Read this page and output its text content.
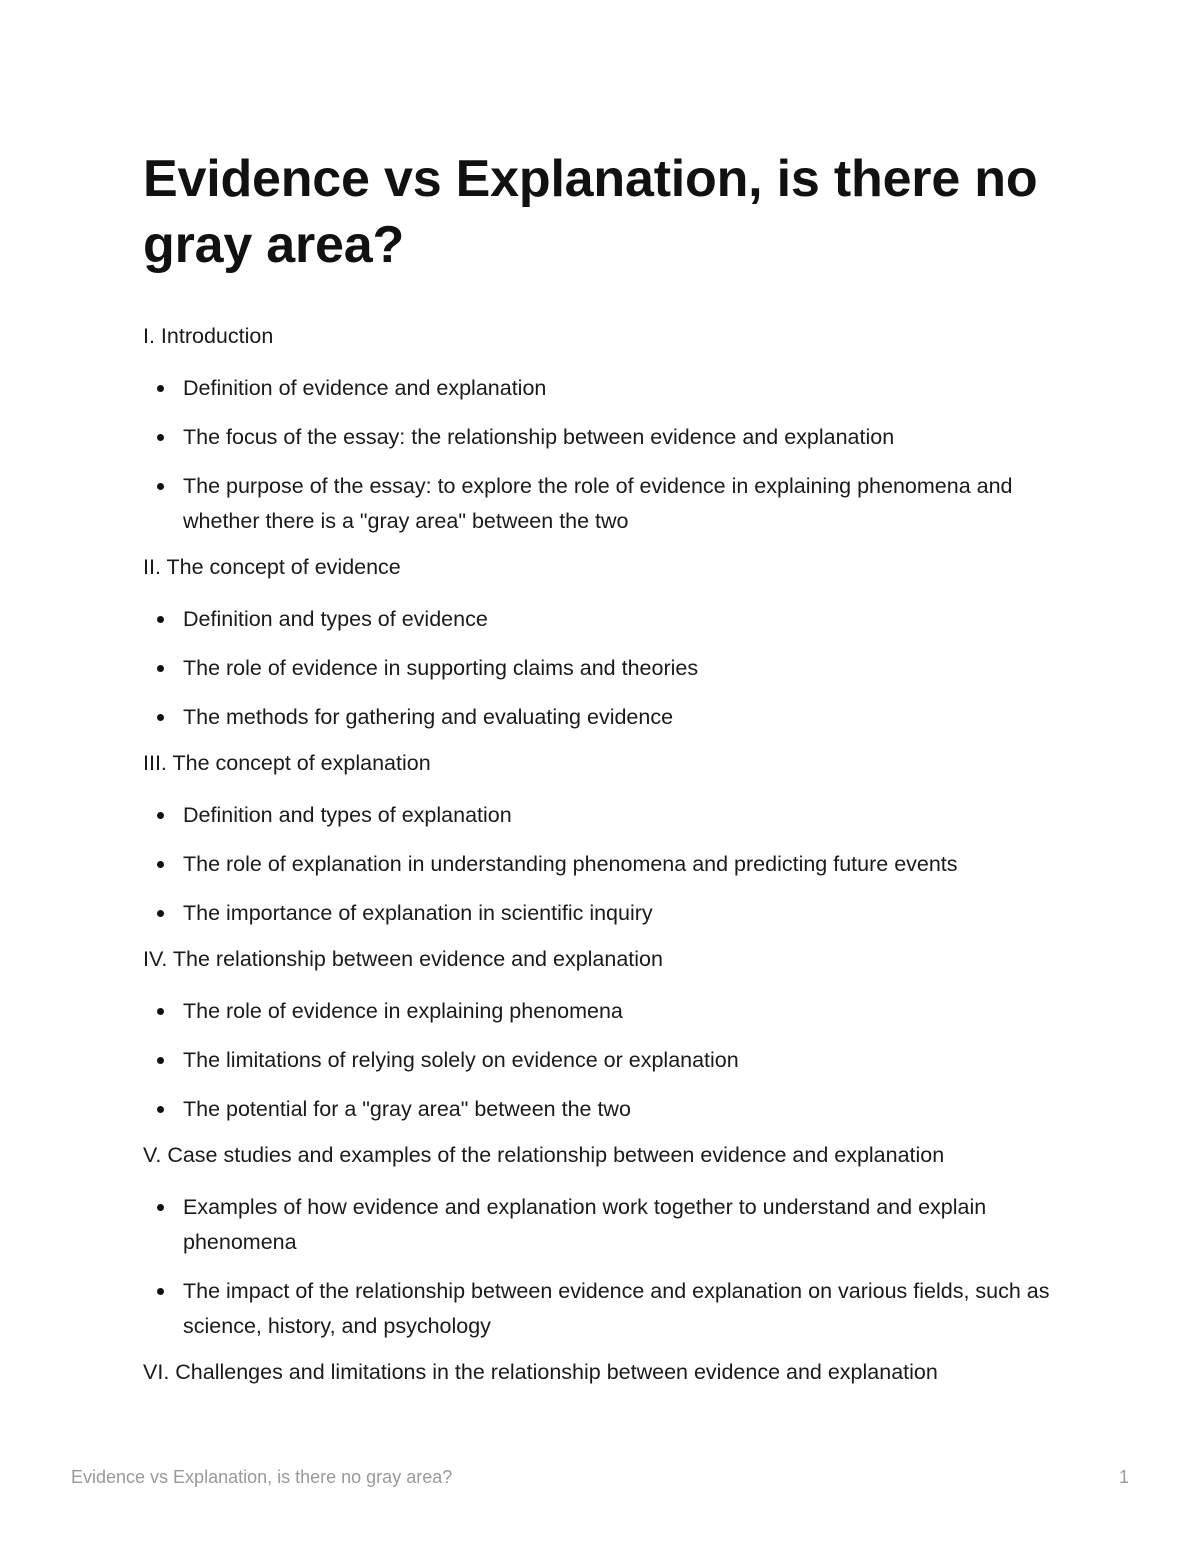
Evidence vs Explanation, is there no gray area?
I. Introduction
Definition of evidence and explanation
The focus of the essay: the relationship between evidence and explanation
The purpose of the essay: to explore the role of evidence in explaining phenomena and whether there is a "gray area" between the two
II. The concept of evidence
Definition and types of evidence
The role of evidence in supporting claims and theories
The methods for gathering and evaluating evidence
III. The concept of explanation
Definition and types of explanation
The role of explanation in understanding phenomena and predicting future events
The importance of explanation in scientific inquiry
IV. The relationship between evidence and explanation
The role of evidence in explaining phenomena
The limitations of relying solely on evidence or explanation
The potential for a "gray area" between the two
V. Case studies and examples of the relationship between evidence and explanation
Examples of how evidence and explanation work together to understand and explain phenomena
The impact of the relationship between evidence and explanation on various fields, such as science, history, and psychology
VI. Challenges and limitations in the relationship between evidence and explanation
Evidence vs Explanation, is there no gray area?	1
